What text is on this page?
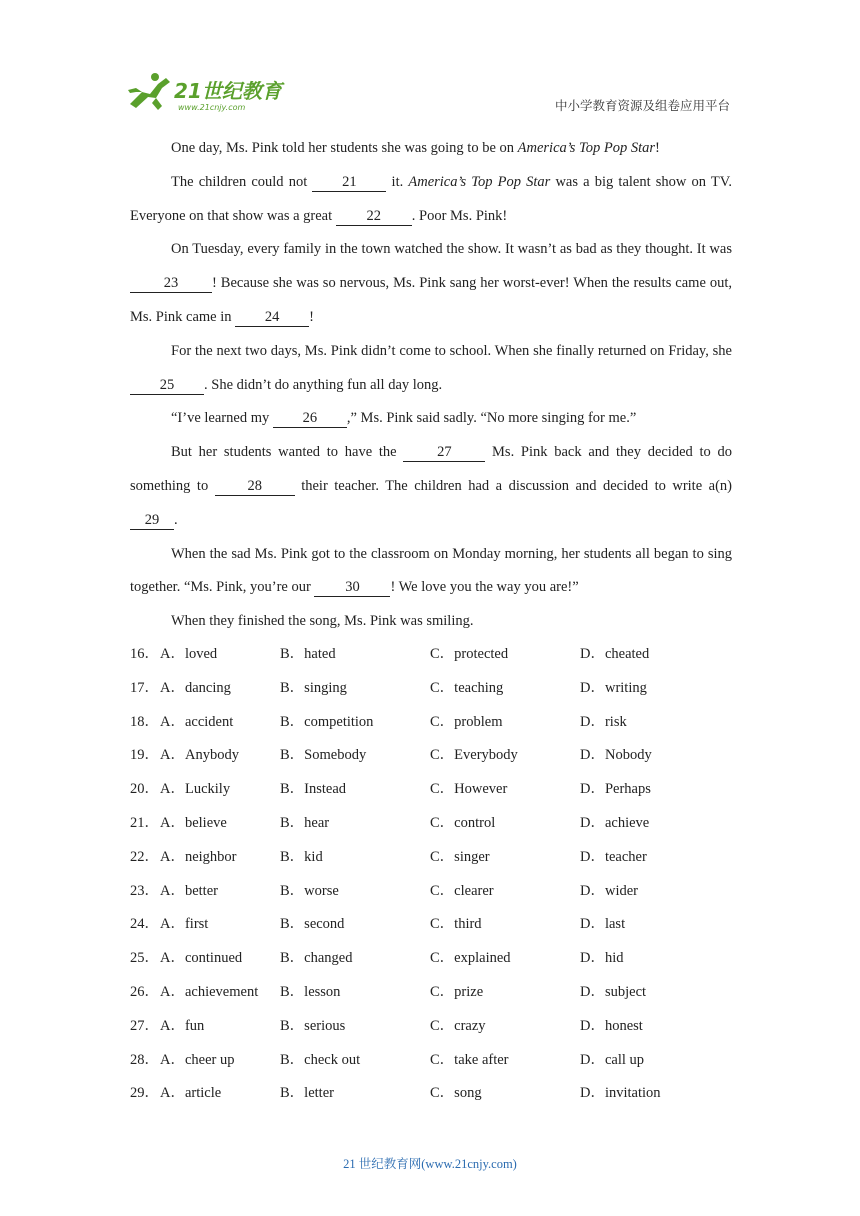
21世纪教育
www.21cnjy.com	中小学教育资源及组卷应用平台

One day, Ms. Pink told her students she was going to be on America’s Top Pop Star!

The children could not 21 it. America’s Top Pop Star was a big talent show on TV. Everyone on that show was a great 22 . Poor Ms. Pink!

On Tuesday, every family in the town watched the show. It wasn’t as bad as they thought. It was 23 ! Because she was so nervous, Ms. Pink sang her worst-ever! When the results came out, Ms. Pink came in 24 !

For the next two days, Ms. Pink didn’t come to school. When she finally returned on Friday, she 25 . She didn’t do anything fun all day long.

“I’ve learned my 26 ,” Ms. Pink said sadly. “No more singing for me.”

But her students wanted to have the 27 Ms. Pink back and they decided to do something to 28 their teacher. The children had a discussion and decided to write a(n) 29 .

When the sad Ms. Pink got to the classroom on Monday morning, her students all began to sing together. “Ms. Pink, you’re our 30 ! We love you the way you are!”

When they finished the song, Ms. Pink was smiling.

16． A．loved	B．hated	C．protected	D．cheated
17． A．dancing	B．singing	C．teaching	D．writing
18． A．accident	B．competition	C．problem	D．risk
19． A．Anybody	B．Somebody	C．Everybody	D．Nobody
20． A．Luckily	B．Instead	C．However	D．Perhaps
21． A．believe	B．hear	C．control	D．achieve
22． A．neighbor	B．kid	C．singer	D．teacher
23． A．better	B．worse	C．clearer	D．wider
24． A．first	B．second	C．third	D．last
25． A．continued	B．changed	C．explained	D．hid
26． A．achievement B．lesson	C．prize	D．subject
27． A．fun	B．serious	C．crazy	D．honest
28． A．cheer up	B．check out	C．take after	D．call up
29． A．article	B．letter	C．song	D．invitation
21 世纪教育网(www.21cnjy.com)
